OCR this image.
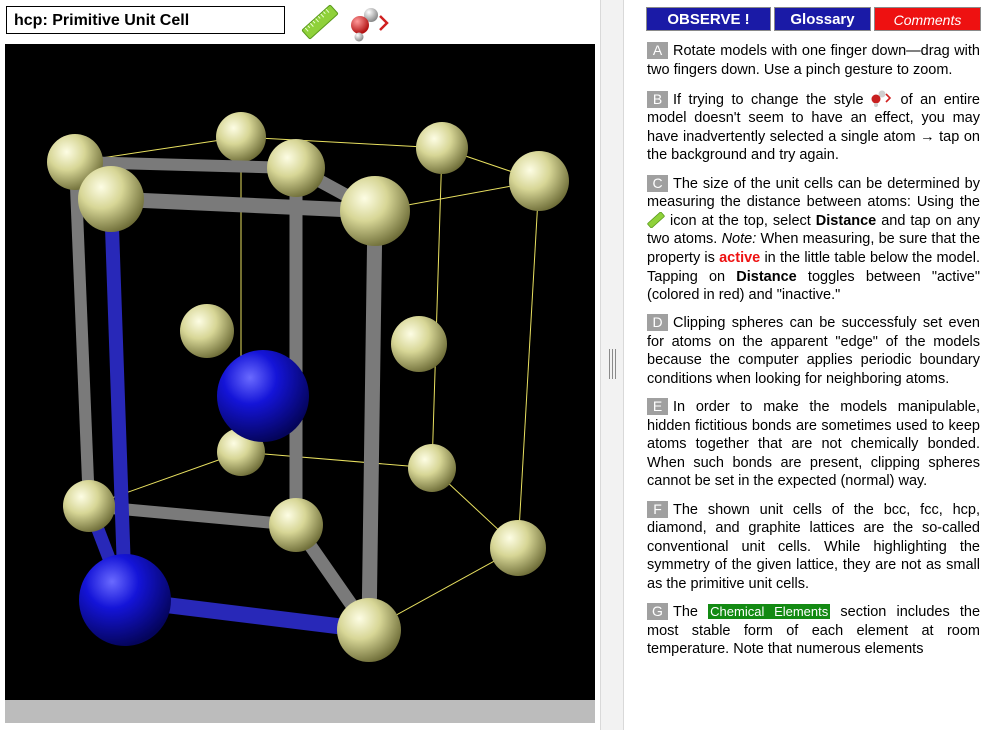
hcp: Primitive Unit Cell	OBSERVE !	Glossary	Comments

A Rotate models with one finger down—drag with two fingers down. Use a pinch gesture to zoom.

B If trying to change the style	of an entire model doesn't seem to have an effect, you may have inadvertently selected a single atom → tap on the background and try again.

C The size of the unit cells can be determined by measuring the distance between atoms: Using the  icon at the top, select Distance and tap on any two atoms. Note: When measuring, be sure that the property is active in the little table below the model. Tapping on Distance toggles between "active" (colored in red) and "inactive."

D Clipping spheres can be successfuly set even for atoms on the apparent "edge" of the models because the computer applies periodic boundary conditions when looking for neighboring atoms.

E In order to make the models manipulable, hidden fictitious bonds are sometimes used to keep atoms together that are not chemically bonded. When such bonds are present, clipping spheres cannot be set in the expected (normal) way.

F The shown unit cells of the bcc, fcc, hcp, diamond, and graphite lattices are the so-called conventional unit cells. While highlighting the symmetry of the given lattice, they are not as small as the primitive unit cells.

G The Chemical Elements section includes the most stable form of each element at room temperature. Note that numerous elements
